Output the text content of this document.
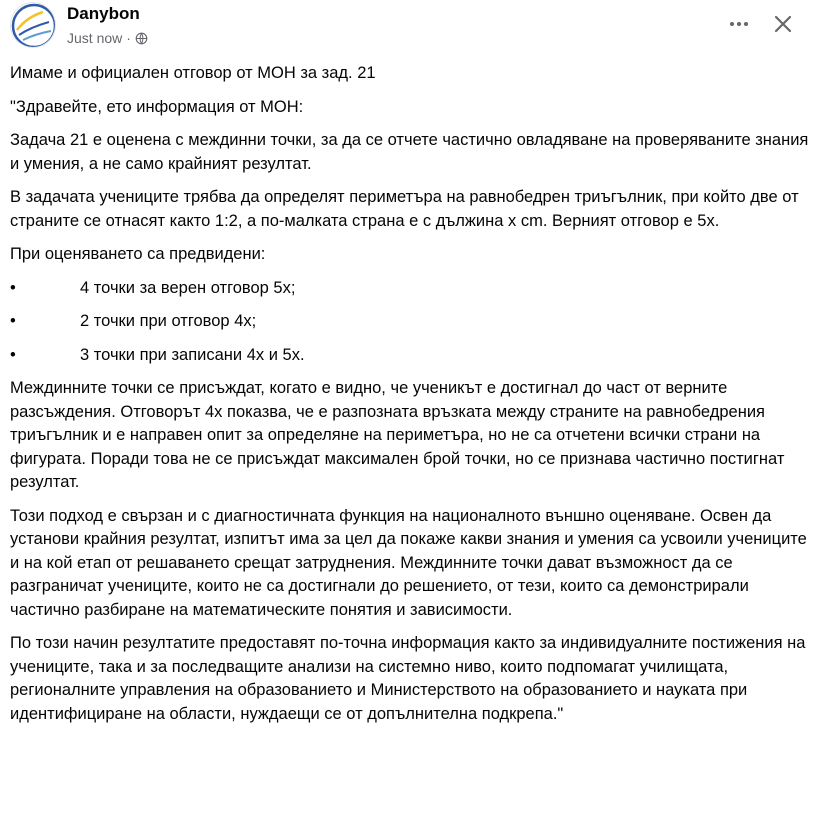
Danybon
Just now ·

Имаме и официален отговор от МОН за зад. 21

"Здравейте, ето информация от МОН:

Задача 21 е оценена с междинни точки, за да се отчете частично овладяване на проверяваните знания и умения, а не само крайният резултат.

В задачата учениците трябва да определят периметъра на равнобедрен триъгълник, при който две от страните се отнасят както 1:2, а по-малката страна е с дължина x cm. Верният отговор е 5x.

При оценяването са предвидени:

•	4 точки за верен отговор 5x;
•	2 точки при отговор 4x;
•	3 точки при записани 4x и 5x.

Междинните точки се присъждат, когато е видно, че ученикът е достигнал до част от верните разсъждения. Отговорът 4x показва, че е разпозната връзката между страните на равнобедрения триъгълник и е направен опит за определяне на периметъра, но не са отчетени всички страни на фигурата. Поради това не се присъждат максимален брой точки, но се признава частично постигнат резултат.

Този подход е свързан и с диагностичната функция на националното външно оценяване. Освен да установи крайния резултат, изпитът има за цел да покаже какви знания и умения са усвоили учениците и на кой етап от решаването срещат затруднения. Междинните точки дават възможност да се разграничат учениците, които не са достигнали до решението, от тези, които са демонстрирали частично разбиране на математическите понятия и зависимости.

По този начин резултатите предоставят по-точна информация както за индивидуалните постижения на учениците, така и за последващите анализи на системно ниво, които подпомагат училищата, регионалните управления на образованието и Министерството на образованието и науката при идентифициране на области, нуждаещи се от допълнителна подкрепа."
